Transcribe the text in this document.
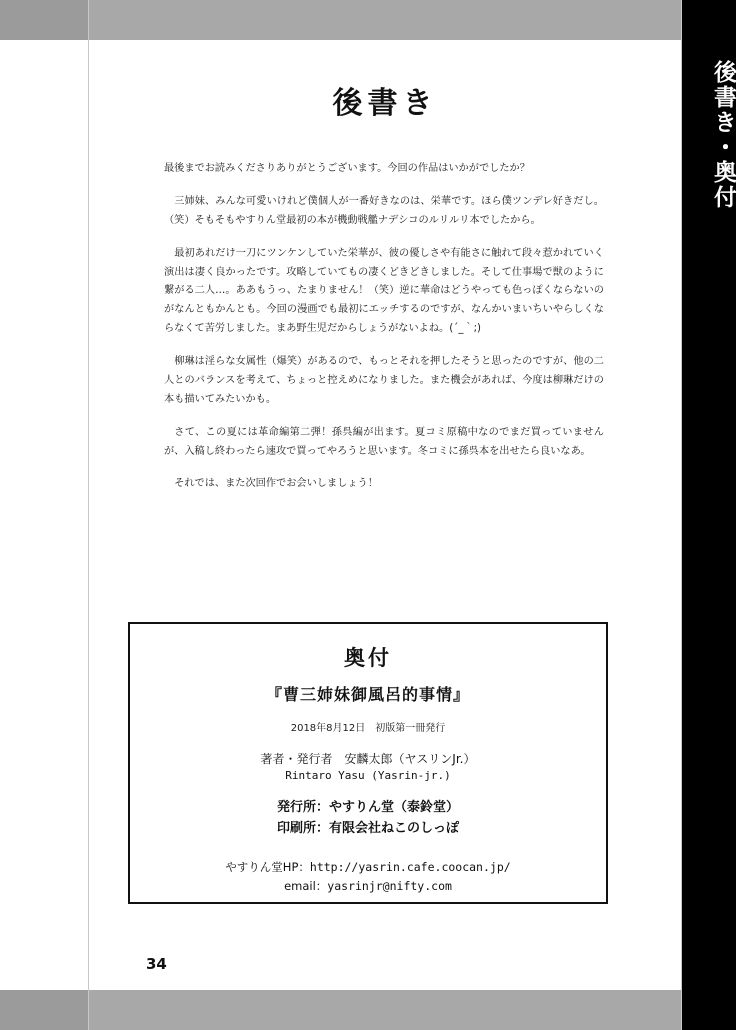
後書き・奥付
後書き

最後までお読みくださりありがとうございます。今回の作品はいかがでしたか？

三姉妹、みんな可愛いけれど僕個人が一番好きなのは、栄華です。ほら僕ツンデレ好きだし。（笑）そもそもやすりん堂最初の本が機動戦艦ナデシコのルリルリ本でしたから。

最初あれだけ一刀にツンケンしていた栄華が、彼の優しさや有能さに触れて段々惹かれていく演出は凄く良かったです。攻略していてもの凄くどきどきしました。そして仕事場で獣のように繋がる二人…。ああもうっ、たまりません！（笑）逆に華命はどうやっても色っぽくならないのがなんともかんとも。今回の漫画でも最初にエッチするのですが、なんかいまいちいやらしくならなくて苦労しました。まあ野生児だからしょうがないよね。(´_｀;)

柳琳は淫らな女属性（爆笑）があるので、もっとそれを押したそうと思ったのですが、他の二人とのバランスを考えて、ちょっと控えめになりました。また機会があれば、今度は柳琳だけの本も描いてみたいかも。

さて、この夏には革命編第二弾！孫呉編が出ます。夏コミ原稿中なのでまだ買っていませんが、入稿し終わったら速攻で買ってやろうと思います。冬コミに孫呉本を出せたら良いなあ。

それでは、また次回作でお会いしましょう！

奥付
『曹三姉妹御風呂的事情』
2018年8月12日　初版第一冊発行
著者・発行者　安麟太郎（ヤスリンJr.）
Rintaro Yasu (Yasrin-jr.)
発行所：やすりん堂（泰鈴堂）
印刷所：有限会社ねこのしっぽ
やすりん堂HP：http://yasrin.cafe.coocan.jp/
email：yasrinjr@nifty.com
34
